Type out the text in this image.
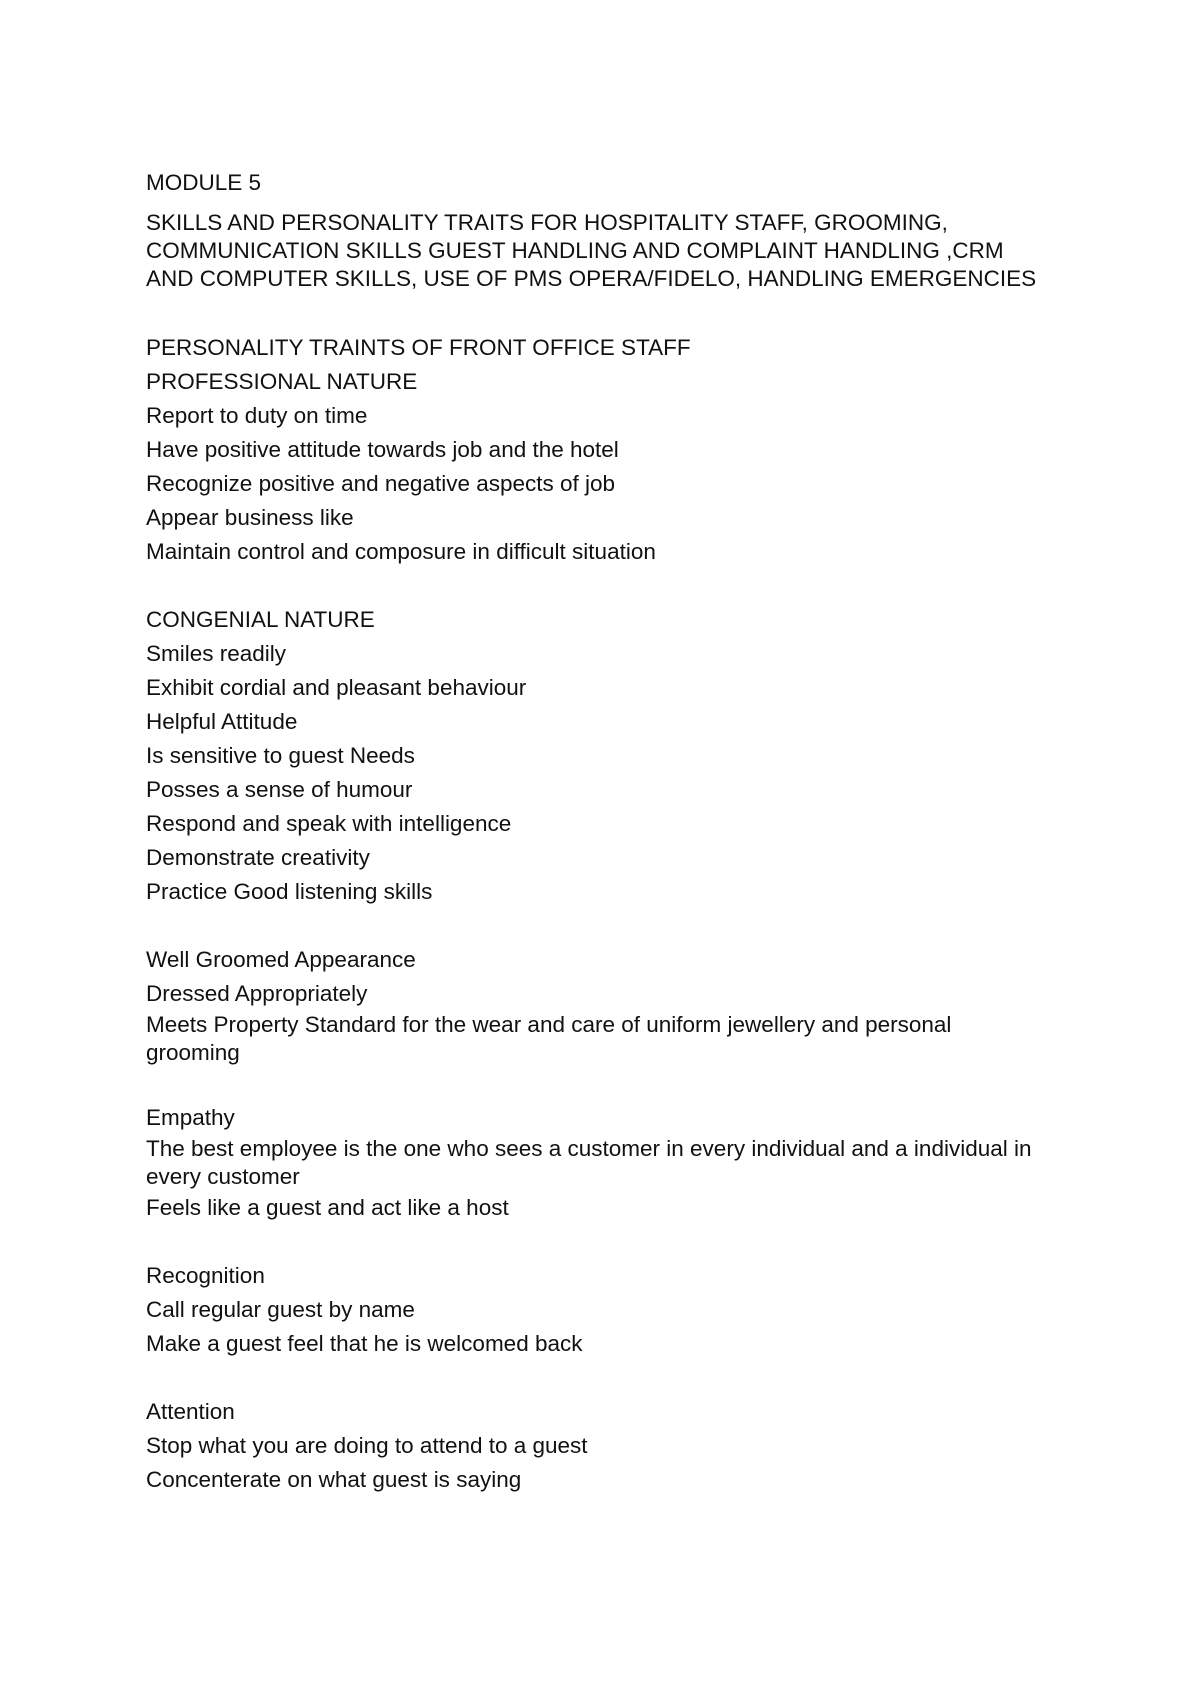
MODULE 5

SKILLS AND PERSONALITY TRAITS FOR HOSPITALITY STAFF, GROOMING, COMMUNICATION SKILLS GUEST HANDLING AND COMPLAINT HANDLING ,CRM AND COMPUTER SKILLS, USE OF PMS OPERA/FIDELO, HANDLING EMERGENCIES

PERSONALITY TRAINTS OF FRONT OFFICE STAFF

PROFESSIONAL NATURE

Report to duty on time

Have positive attitude towards job and the hotel

Recognize positive and negative aspects of job

Appear business like

Maintain control and composure in difficult situation

CONGENIAL NATURE

Smiles readily

Exhibit cordial and pleasant behaviour

Helpful Attitude

Is sensitive to guest Needs

Posses a sense of humour

Respond and speak with intelligence

Demonstrate creativity

Practice Good listening skills

Well Groomed Appearance

Dressed Appropriately

Meets Property Standard for the wear and care of uniform jewellery and personal grooming

Empathy

The best employee is the one who sees a customer in every individual and a individual in every customer

Feels like a guest and act like a host

Recognition

Call regular guest by name

Make a guest feel that he is welcomed back

Attention

Stop what you are doing to attend to a guest

Concenterate on what guest is saying
